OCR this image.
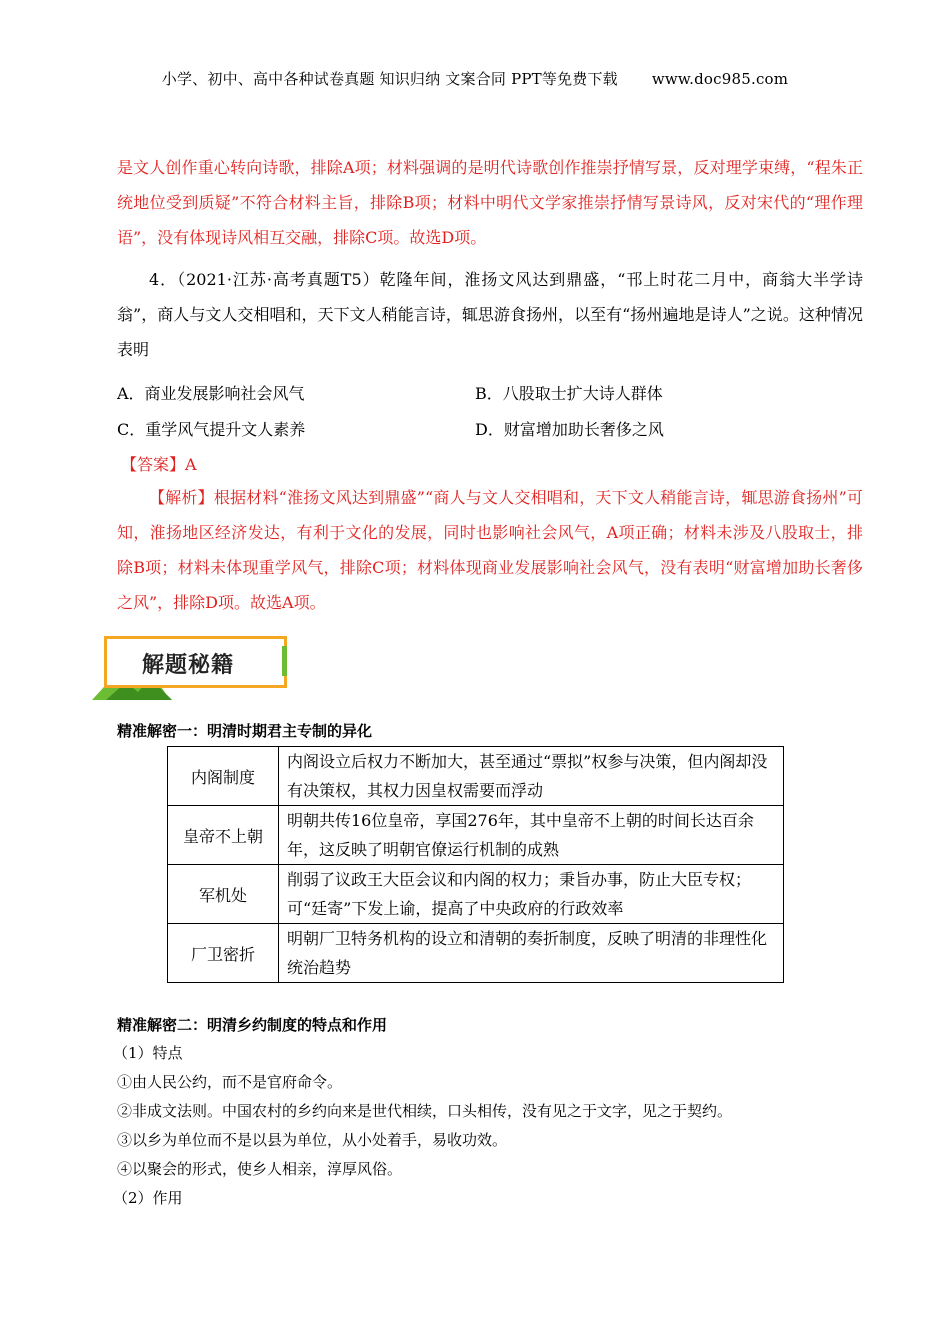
小学、初中、高中各种试卷真题 知识归纳 文案合同 PPT等免费下载 www.doc985.com
是文人创作重心转向诗歌，排除A项；材料强调的是明代诗歌创作推崇抒情写景，反对理学束缚，“程朱正统地位受到质疑”不符合材料主旨，排除B项；材料中明代文学家推崇抒情写景诗风，反对宋代的“理作理语”，没有体现诗风相互交融，排除C项。故选D项。
4．（2021·江苏·高考真题T5）乾隆年间，淮扬文风达到鼎盛，“邗上时花二月中，商翁大半学诗翁”，商人与文人交相唱和，天下文人稍能言诗，辄思游食扬州，以至有“扬州遍地是诗人”之说。这种情况表明
A．商业发展影响社会风气	B．八股取士扩大诗人群体
C．重学风气提升文人素养	D．财富增加助长奢侈之风
【答案】A
【解析】根据材料“淮扬文风达到鼎盛”“商人与文人交相唱和，天下文人稍能言诗，辄思游食扬州”可知，淮扬地区经济发达，有利于文化的发展，同时也影响社会风气，A项正确；材料未涉及八股取士，排除B项；材料未体现重学风气，排除C项；材料体现商业发展影响社会风气，没有表明“财富增加助长奢侈之风”，排除D项。故选A项。
解题秘籍
精准解密一：明清时期君主专制的异化
内阁制度	内阁设立后权力不断加大，甚至通过“票拟”权参与决策，但内阁却没有决策权，其权力因皇权需要而浮动
皇帝不上朝	明朝共传16位皇帝，享国276年，其中皇帝不上朝的时间长达百余年，这反映了明朝官僚运行机制的成熟
军机处	削弱了议政王大臣会议和内阁的权力；秉旨办事，防止大臣专权；可“廷寄”下发上谕，提高了中央政府的行政效率
厂卫密折	明朝厂卫特务机构的设立和清朝的奏折制度，反映了明清的非理性化统治趋势
精准解密二：明清乡约制度的特点和作用
（1）特点
①由人民公约，而不是官府命令。
②非成文法则。中国农村的乡约向来是世代相续，口头相传，没有见之于文字，见之于契约。
③以乡为单位而不是以县为单位，从小处着手，易收功效。
④以聚会的形式，使乡人相亲，淳厚风俗。
（2）作用
